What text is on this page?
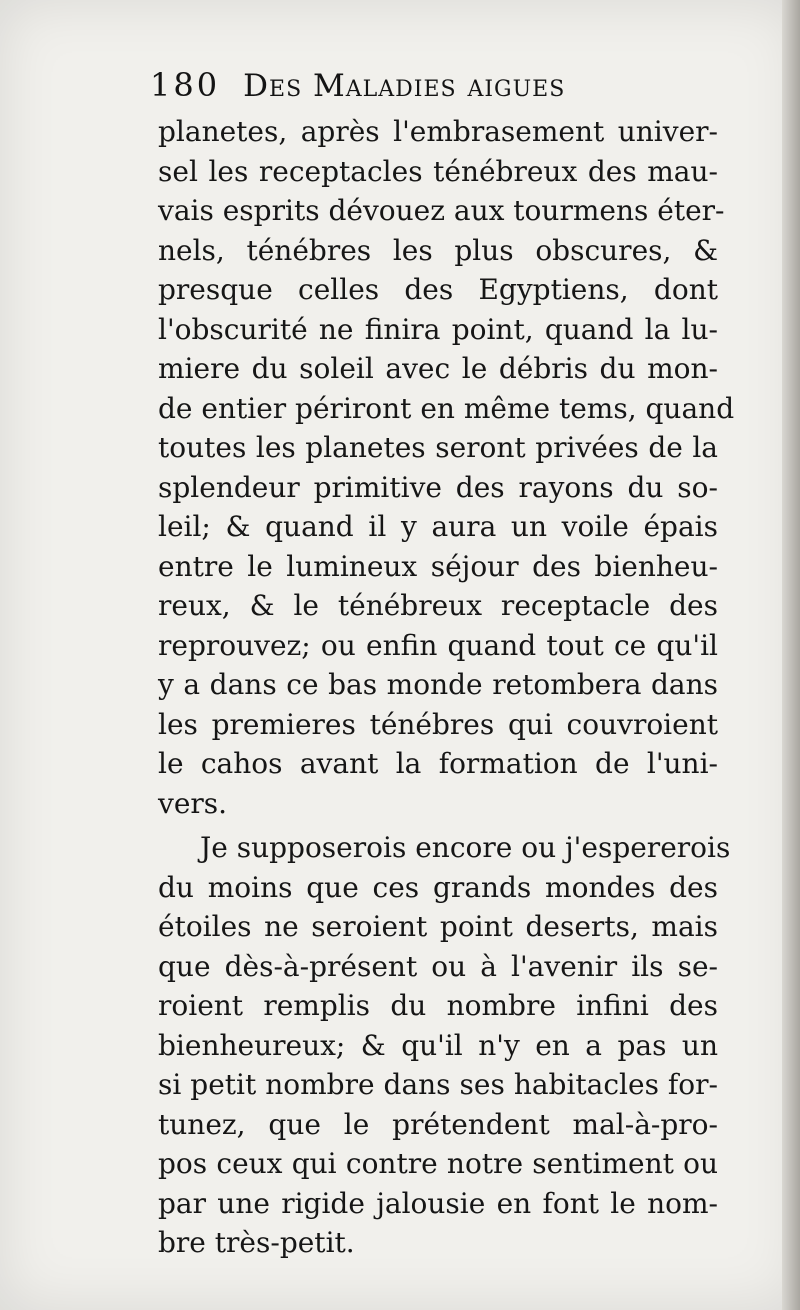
180 Des Maladies aigues
planetes, après l'embrasement univer-
sel les receptacles ténébreux des mau-
vais esprits dévouez aux tourmens éter-
nels, ténébres les plus obscures, &
presque celles des Egyptiens, dont
l'obscurité ne finira point, quand la lu-
miere du soleil avec le débris du mon-
de entier périront en même tems, quand
toutes les planetes seront privées de la
splendeur primitive des rayons du so-
leil; & quand il y aura un voile épais
entre le lumineux séjour des bienheu-
reux, & le ténébreux receptacle des
reprouvez; ou enfin quand tout ce qu'il
y a dans ce bas monde retombera dans
les premieres ténébres qui couvroient
le cahos avant la formation de l'uni-
vers.
Je supposerois encore ou j'espererois
du moins que ces grands mondes des
étoiles ne seroient point deserts, mais
que dès-à-présent ou à l'avenir ils se-
roient remplis du nombre infini des
bienheureux; & qu'il n'y en a pas un
si petit nombre dans ses habitacles for-
tunez, que le prétendent mal-à-pro-
pos ceux qui contre notre sentiment ou
par une rigide jalousie en font le nom-
bre très-petit.
